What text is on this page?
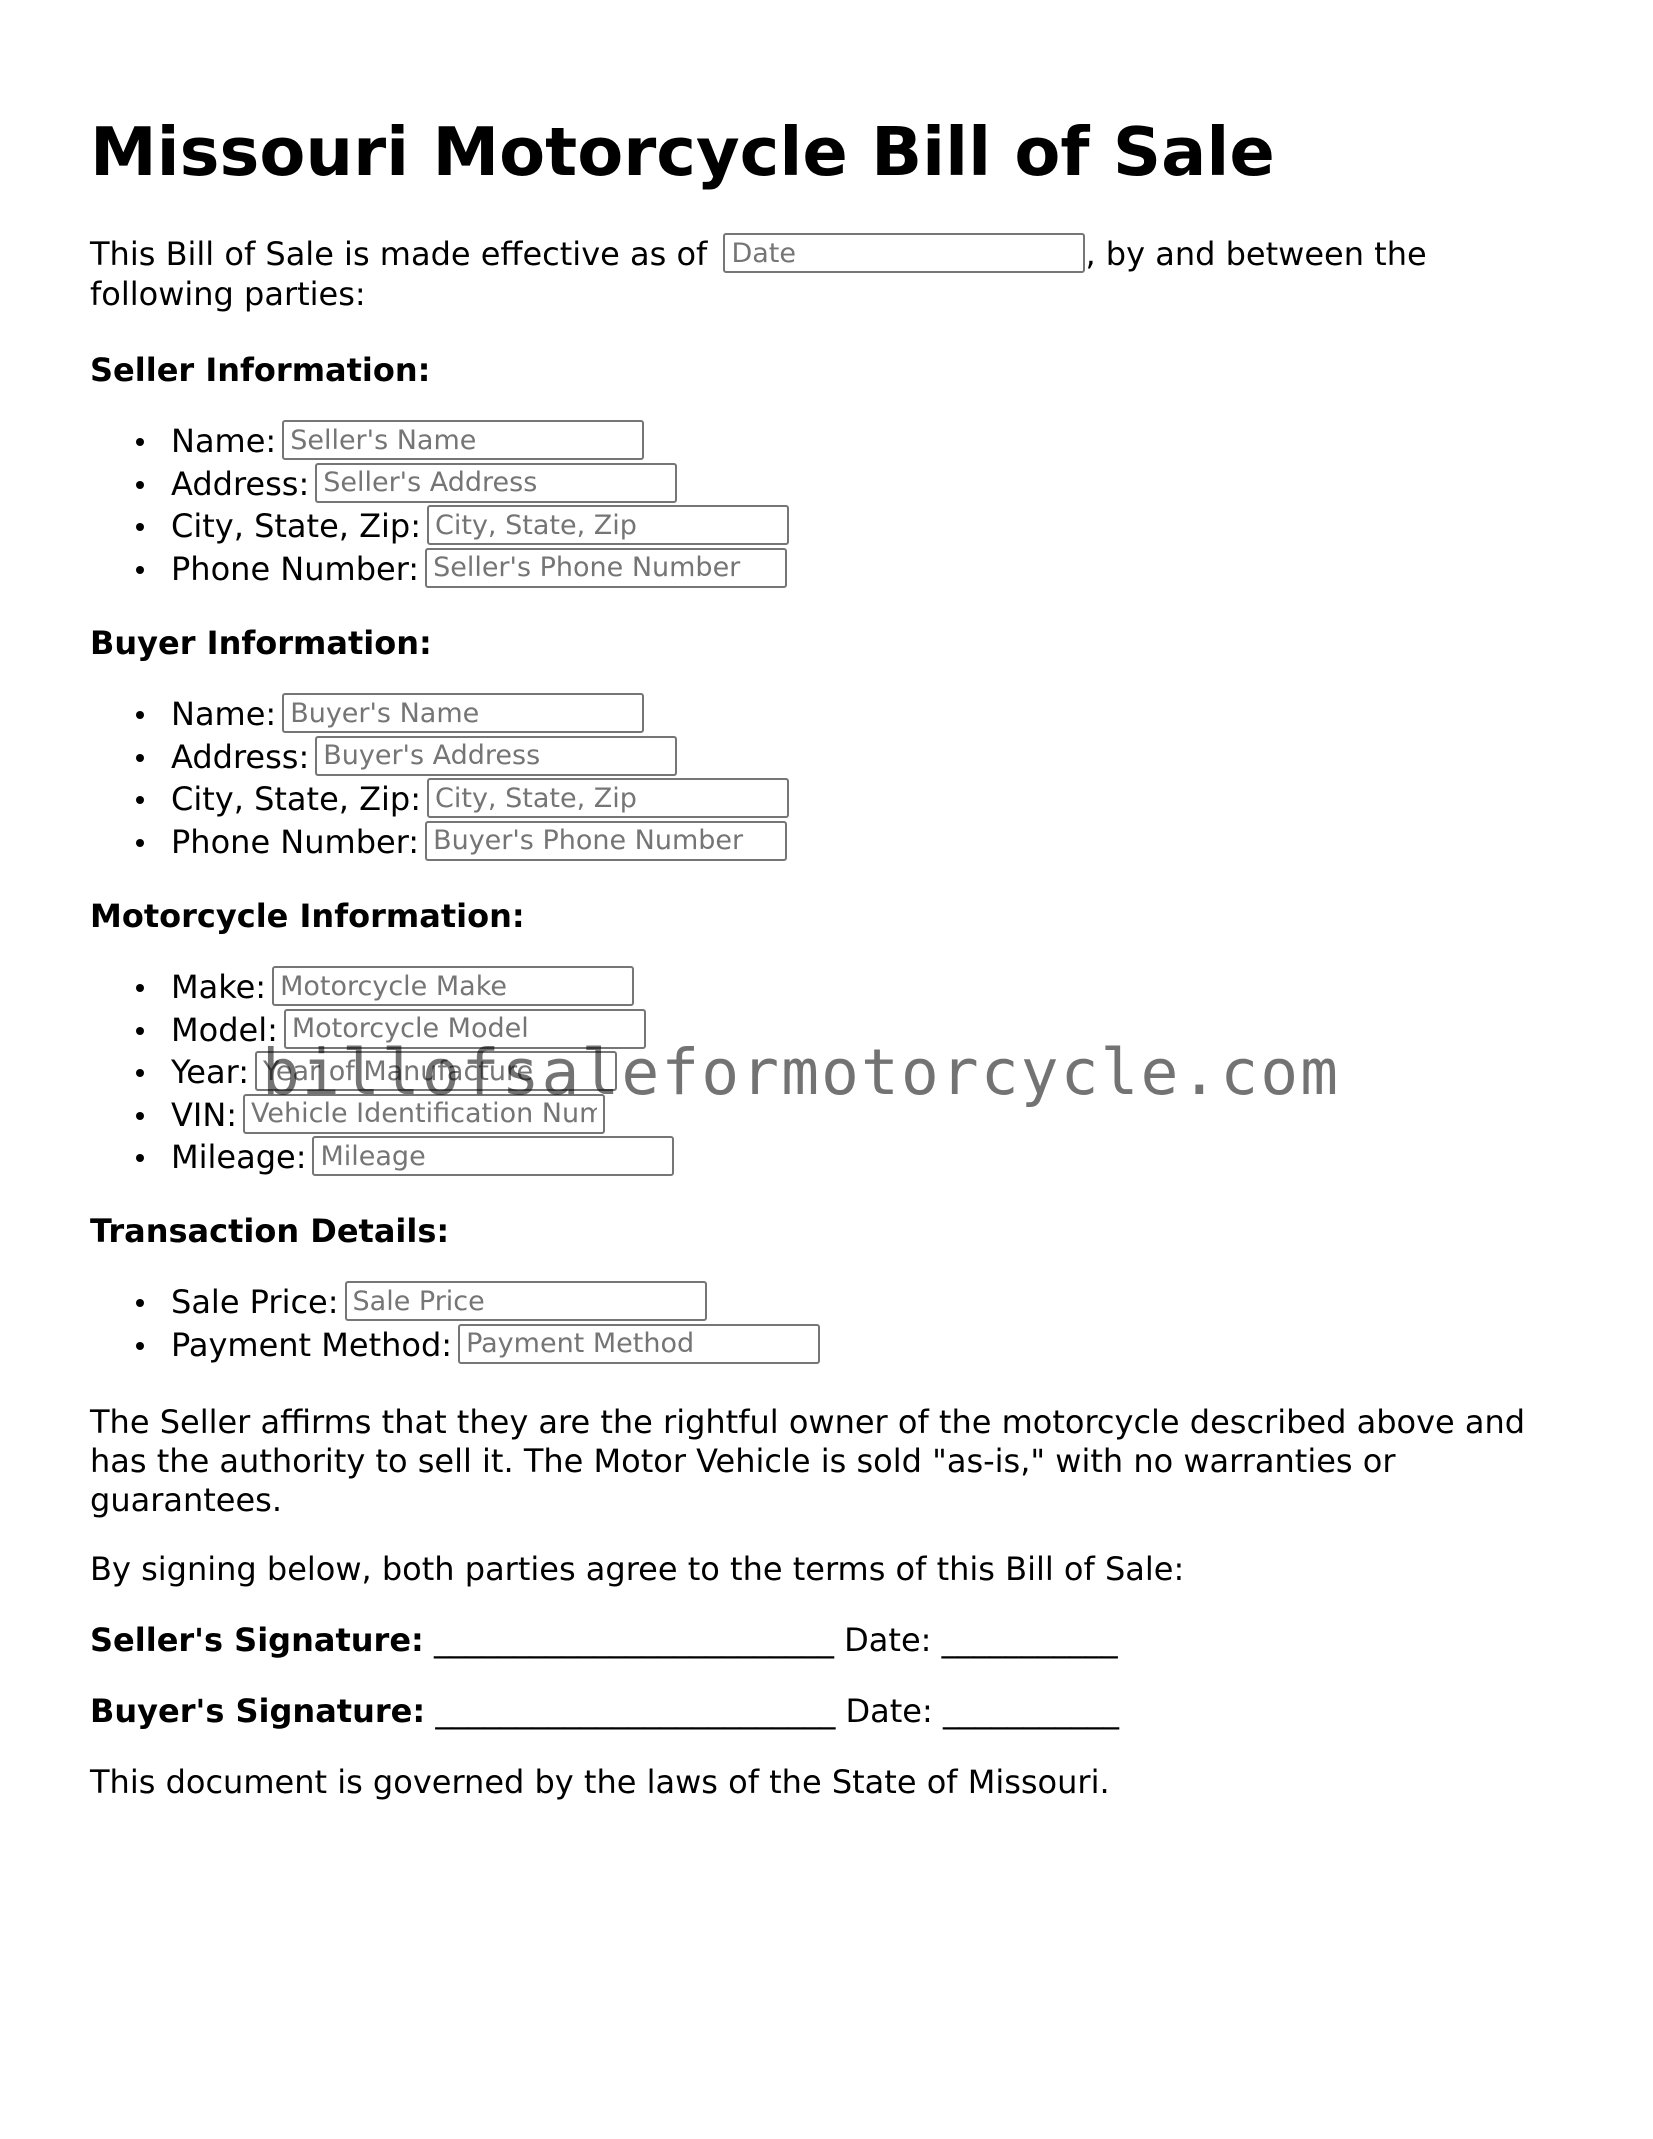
Missouri Motorcycle Bill of Sale
This Bill of Sale is made effective as of Date	, by and between the following parties:
Seller Information:
Name:Seller's Name
Address:Seller's Address
City, State, Zip:City, State, Zip
Phone Number:Seller's Phone Number
Buyer Information:
Name:Buyer's Name
Address:Buyer's Address
City, State, Zip:City, State, Zip
Phone Number:Buyer's Phone Number
Motorcycle Information:
Make:Motorcycle Make
Model:Motorcycle Model
Year:Year of Manufacture
VIN:Vehicle Identification Number
Mileage:Mileage
Transaction Details:
Sale Price:Sale Price
Payment Method:Payment Method
The Seller affirms that they are the rightful owner of the motorcycle described above and has the authority to sell it. The Motor Vehicle is sold "as-is," with no warranties or guarantees.
By signing below, both parties agree to the terms of this Bill of Sale:
Seller's Signature: _________________________ Date: ___________
Buyer's Signature: _________________________ Date: ___________
This document is governed by the laws of the State of Missouri.
billofsaleformotorcycle.com
